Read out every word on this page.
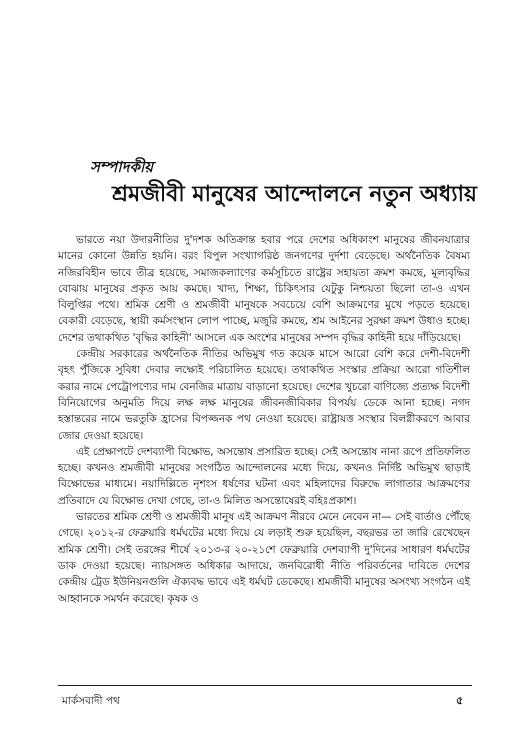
সম্পাদকীয়
শ্রমজীবী মানুষের আন্দোলনে নতুন অধ্যায়

ভারতে নয়া উদারনীতির দু'দশক অতিক্রান্ত হবার পরে দেশের অধিকাংশ মানুষের জীবনযাত্রার মানের কোনো উন্নতি হয়নি। বরং বিপুল সংখ্যাগরিষ্ঠ জনগণের দুর্দশা বেড়েছে। অর্থনৈতিক বৈষম্য নজিরবিহীন ভাবে তীব্র হয়েছে, সমাজকল্যাণের কর্মসূচিতে রাষ্ট্রের সহায়তা ক্রমশ কমছে, মূল্যবৃদ্ধির বোঝায় মানুষের প্রকৃত আয় কমছে। খাদ্য, শিক্ষা, চিকিৎসার যেটুকু নিশ্চয়তা ছিলো তা-ও এখন বিলুপ্তির পথে। শ্রমিক শ্রেণী ও শ্রমজীবী মানুষকে সবচেয়ে বেশি আক্রমণের মুখে পড়তে হয়েছে। বেকারী বেড়েছে, স্থায়ী কর্মসংস্থান লোপ পাচ্ছে, মজুরি কমছে, শ্রম আইনের সুরক্ষা ক্রমশ উধাও হচ্ছে। দেশের তথাকথিত 'বৃদ্ধির কাহিনী' আসলে এক অংশের মানুষের সম্পদ বৃদ্ধির কাহিনী হয়ে দাঁড়িয়েছে।

কেন্দ্রীয় সরকারের অর্থনৈতিক নীতির অভিমুখ গত কয়েক মাসে আরো বেশি করে দেশী-বিদেশী বৃহৎ পুঁজিকে সুবিধা দেবার লক্ষ্যেই পরিচালিত হয়েছে। তথাকথিত সংস্কার প্রক্রিয়া আরো গতিশীল করার নামে পেট্রোপণ্যের দাম বেনজির মাত্রায় বাড়ানো হয়েছে। দেশের খুচরো বাণিজ্যে প্রত্যক্ষ বিদেশী বিনিয়োগের অনুমতি দিয়ে লক্ষ লক্ষ মানুষের জীবনজীবিকার বিপর্যয় ডেকে আনা হচ্ছে। নগদ হস্তান্তরের নামে ভরতুকি হ্রাসের বিপজ্জনক পথ নেওয়া হয়েছে। রাষ্ট্রায়ত্ত সংস্থার বিলগ্নীকরণে আবার জোর দেওয়া হয়েছে।

এই প্রেক্ষাপটে দেশব্যাপী বিক্ষোভ, অসন্তোষ প্রসারিত হচ্ছে। সেই অসন্তোষ নানা রূপে প্রতিফলিত হচ্ছে। কখনও শ্রমজীবী মানুষের সংগঠিত আন্দোলনের মধ্যে দিয়ে, কখনও নির্দিষ্ট অভিমুখ ছাড়াই বিক্ষোভের মাধ্যমে। নয়াদিল্লিতে নৃশংস ধর্ষণের ঘটনা এবং মহিলাদের বিরুদ্ধে লাগাতার আক্রমণের প্রতিবাদে যে বিক্ষোভ দেখা গেছে, তা-ও মিলিত অসন্তোষেরই বহিঃপ্রকাশ।

ভারতের শ্রমিক শ্রেণী ও শ্রমজীবী মানুষ এই আক্রমণ নীরবে মেনে নেবেন না— সেই বার্তাও পৌঁছে গেছে। ২০১২-র ফেব্রুয়ারি ধর্মঘটের মধ্যে দিয়ে যে লড়াই শুরু হয়েছিল, বছরভর তা জারি রেখেছেন শ্রমিক শ্রেণী। সেই তরঙ্গের শীর্ষে ২০১৩-র ২০-২১শে ফেব্রুয়ারি দেশব্যাপী দু'দিনের সাধারণ ধর্মঘটের ডাক দেওয়া হয়েছে। ন্যায়সঙ্গত অধিকার আদায়ে, জনবিরোধী নীতি পরিবর্তনের দাবিতে দেশের কেন্দ্রীয় ট্রেড ইউনিয়নগুলি ঐক্যবদ্ধ ভাবে এই ধর্মঘট ডেকেছে। শ্রমজীবী মানুষের অসংখ্য সংগঠন এই আহ্বানকে সমর্থন করেছে। কৃষক ও

মার্কসবাদী পথ	৫
